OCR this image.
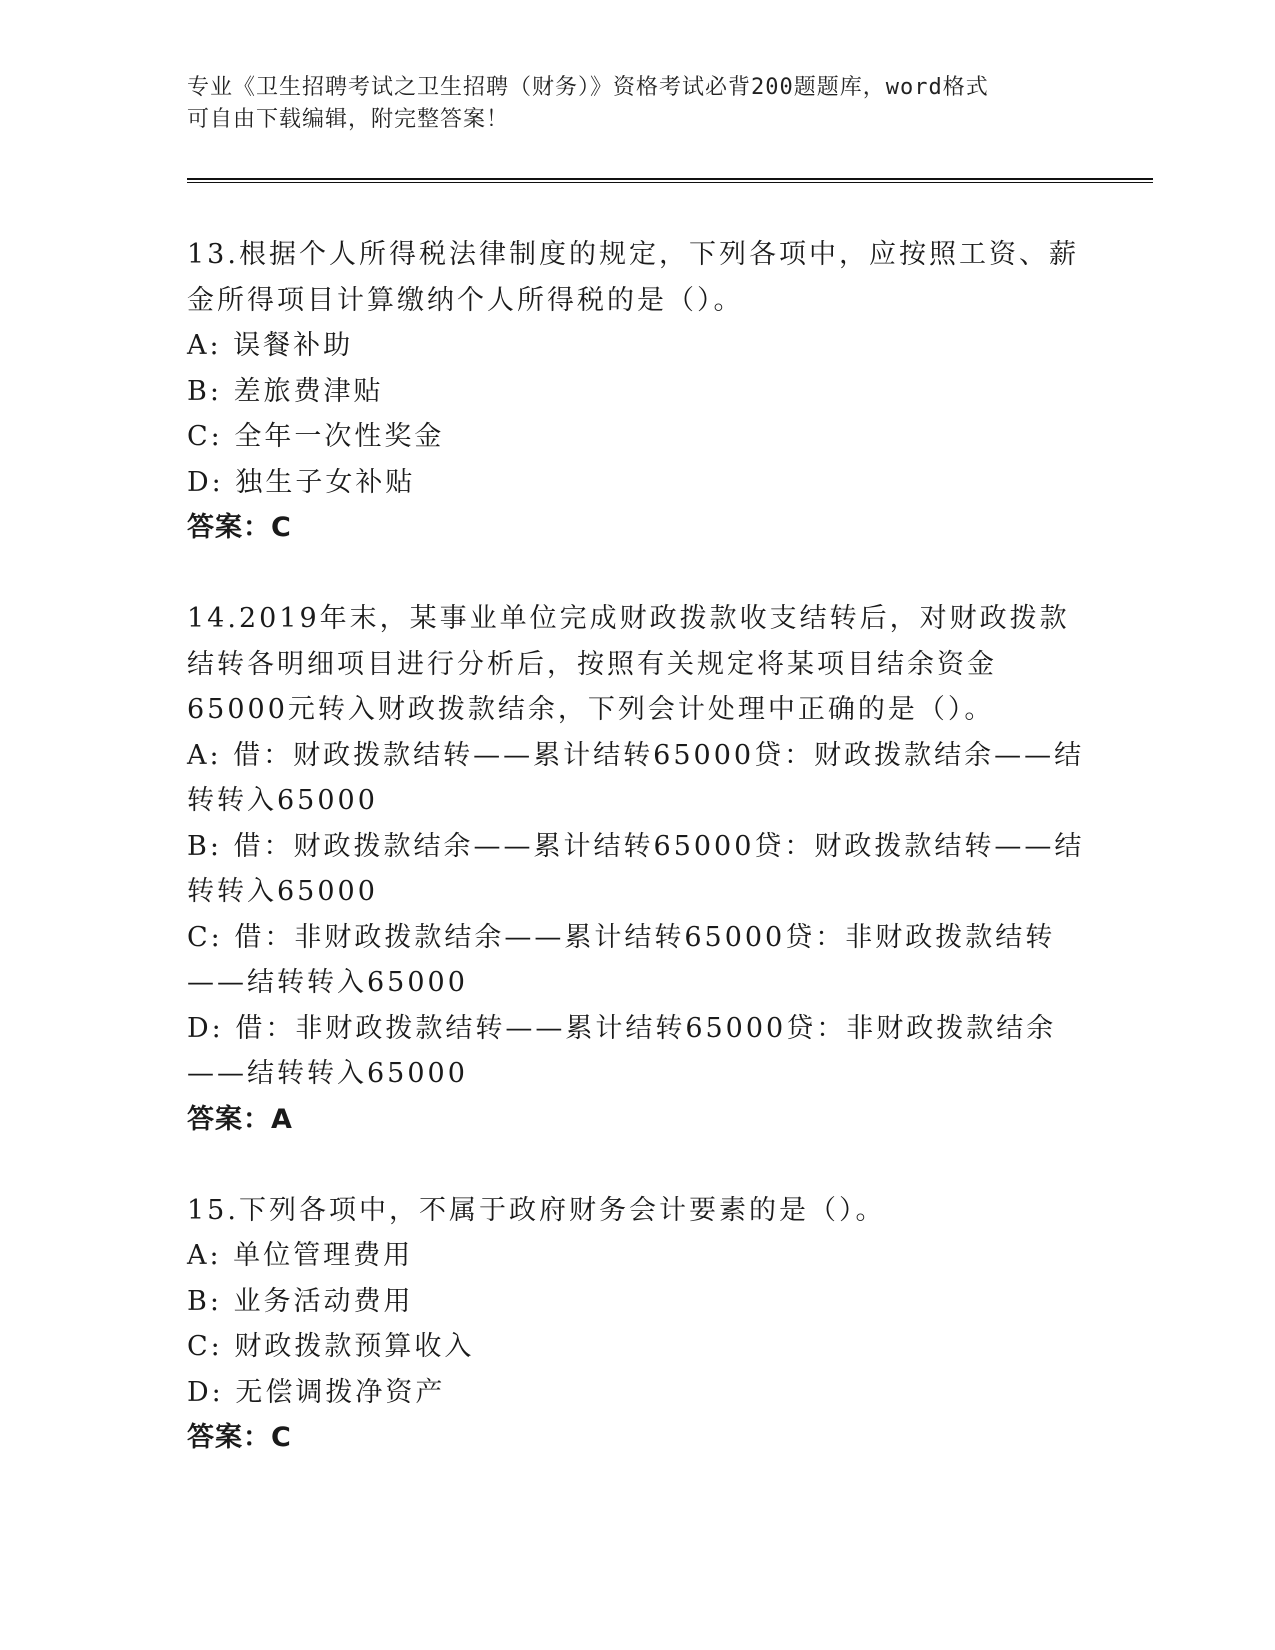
专业《卫生招聘考试之卫生招聘（财务）》资格考试必背200题题库，word格式
可自由下载编辑，附完整答案！

13.根据个人所得税法律制度的规定，下列各项中，应按照工资、薪金所得项目计算缴纳个人所得税的是（）。

A: 误餐补助

B: 差旅费津贴

C: 全年一次性奖金

D: 独生子女补贴

答案：C

14.2019年末，某事业单位完成财政拨款收支结转后，对财政拨款结转各明细项目进行分析后，按照有关规定将某项目结余资金65000元转入财政拨款结余，下列会计处理中正确的是（）。

A: 借：财政拨款结转——累计结转65000贷：财政拨款结余——结转转入65000

B: 借：财政拨款结余——累计结转65000贷：财政拨款结转——结转转入65000

C: 借：非财政拨款结余——累计结转65000贷：非财政拨款结转——结转转入65000

D: 借：非财政拨款结转——累计结转65000贷：非财政拨款结余——结转转入65000

答案：A

15.下列各项中，不属于政府财务会计要素的是（）。

A: 单位管理费用

B: 业务活动费用

C: 财政拨款预算收入

D: 无偿调拨净资产

答案：C
